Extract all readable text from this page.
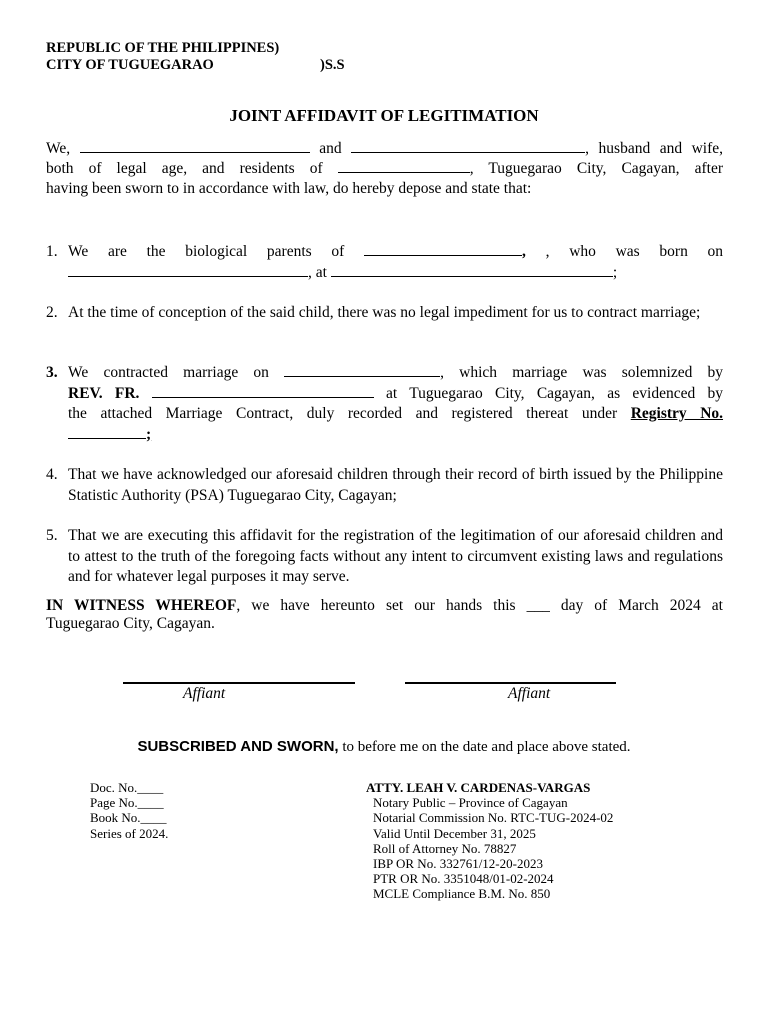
REPUBLIC OF THE PHILIPPINES)
CITY OF TUGUEGARAO	)S.S
JOINT AFFIDAVIT OF LEGITIMATION
We,	and	, husband and wife,
both of legal age, and residents of	, Tuguegarao City, Cagayan, after
having been sworn to in accordance with law, do hereby depose and state that:
1. We are the biological parents of	, , who was born on
, at	;
2. At the time of conception of the said child, there was no legal impediment for us to contract marriage;
3. We contracted marriage on	, which marriage was solemnized by
REV. FR.	at Tuguegarao City, Cagayan, as evidenced by
the attached Marriage Contract, duly recorded and registered thereat under Registry No.
;
4. That we have acknowledged our aforesaid children through their record of birth issued by the Philippine Statistic Authority (PSA) Tuguegarao City, Cagayan;
5. That we are executing this affidavit for the registration of the legitimation of our aforesaid children and to attest to the truth of the foregoing facts without any intent to circumvent existing laws and regulations and for whatever legal purposes it may serve.
IN WITNESS WHEREOF, we have hereunto set our hands this ___ day of March 2024 at
Tuguegarao City, Cagayan.
Affiant	Affiant
SUBSCRIBED AND SWORN, to before me on the date and place above stated.
Doc. No.____
Page No.____
Book No.____
Series of 2024.
ATTY. LEAH V. CARDENAS-VARGAS
Notary Public – Province of Cagayan
Notarial Commission No. RTC-TUG-2024-02
Valid Until December 31, 2025
Roll of Attorney No. 78827
IBP OR No. 332761/12-20-2023
PTR OR No. 3351048/01-02-2024
MCLE Compliance B.M. No. 850
